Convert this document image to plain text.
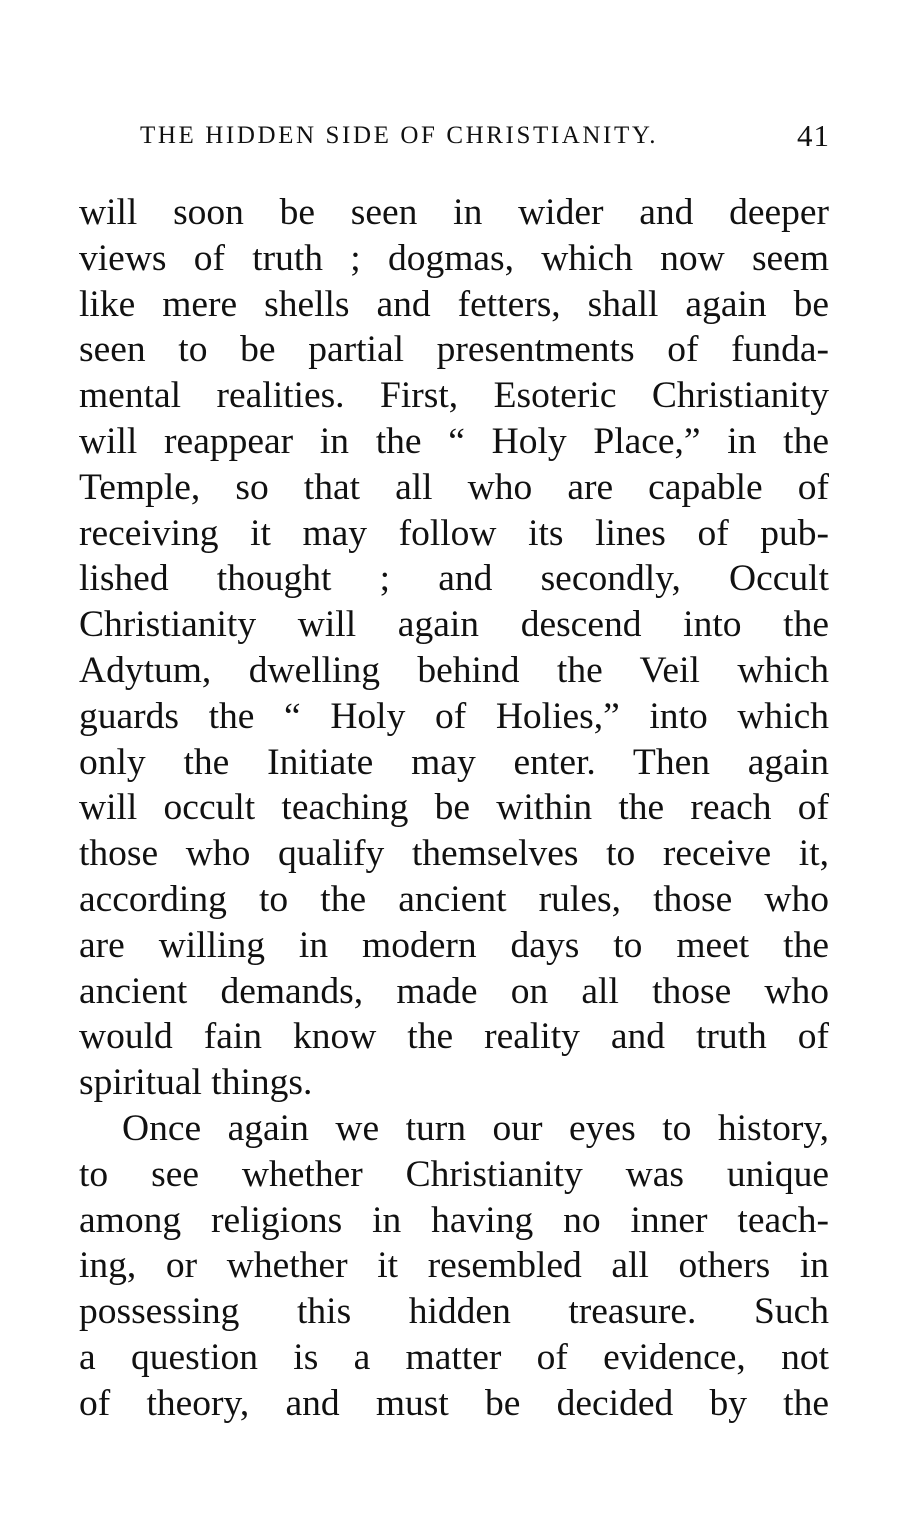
THE HIDDEN SIDE OF CHRISTIANITY.	41
will soon be seen in wider and deeper
views of truth ; dogmas, which now seem
like mere shells and fetters, shall again be
seen to be partial presentments of funda-
mental realities. First, Esoteric Christianity
will reappear in the “ Holy Place,” in the
Temple, so that all who are capable of
receiving it may follow its lines of pub-
lished thought ; and secondly, Occult
Christianity will again descend into the
Adytum, dwelling behind the Veil which
guards the “ Holy of Holies,” into which
only the Initiate may enter. Then again
will occult teaching be within the reach of
those who qualify themselves to receive it,
according to the ancient rules, those who
are willing in modern days to meet the
ancient demands, made on all those who
would fain know the reality and truth of
spiritual things.
Once again we turn our eyes to history,
to see whether Christianity was unique
among religions in having no inner teach-
ing, or whether it resembled all others in
possessing this hidden treasure. Such
a question is a matter of evidence, not
of theory, and must be decided by the
